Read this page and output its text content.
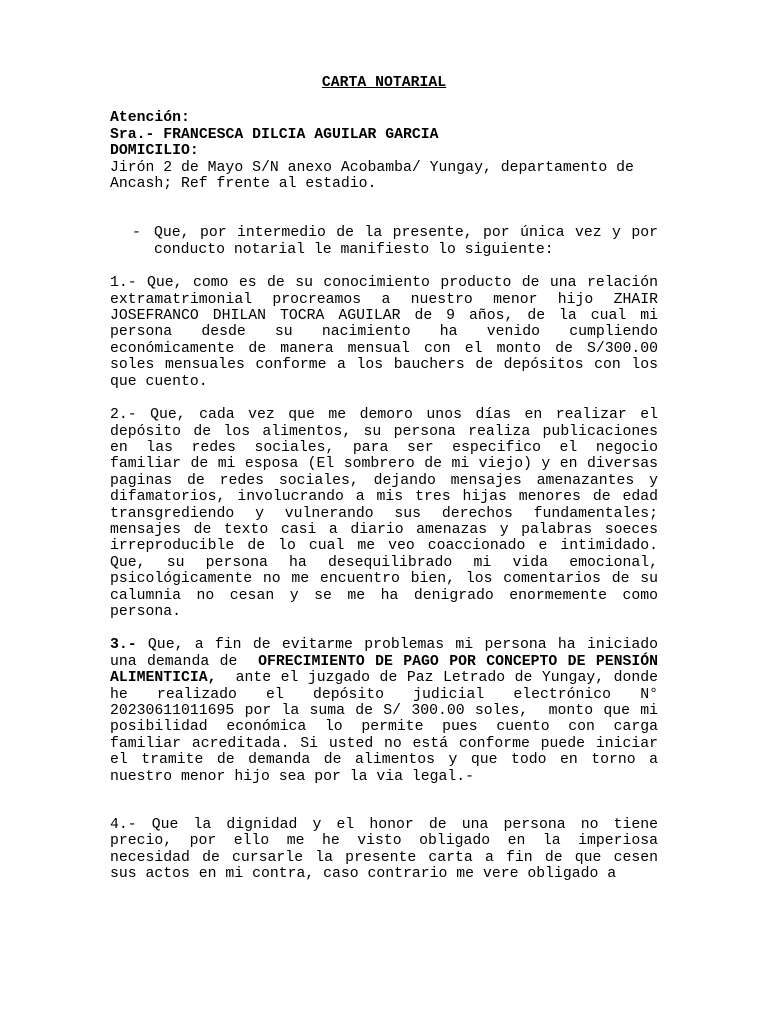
CARTA NOTARIAL

Atención:

Sra.- FRANCESCA DILCIA AGUILAR GARCIA

DOMICILIO:

Jirón 2 de Mayo S/N anexo Acobamba/ Yungay, departamento de Ancash; Ref frente al estadio.

- Que, por intermedio de la presente, por única vez y por conducto notarial le manifiesto lo siguiente:

1.- Que, como es de su conocimiento producto de una relación extramatrimonial procreamos a nuestro menor hijo ZHAIR JOSEFRANCO DHILAN TOCRA AGUILAR de 9 años, de la cual mi persona desde su nacimiento ha venido cumpliendo económicamente de manera mensual con el monto de S/300.00 soles mensuales conforme a los bauchers de depósitos con los que cuento.

2.- Que, cada vez que me demoro unos días en realizar el depósito de los alimentos, su persona realiza publicaciones en las redes sociales, para ser especifico el negocio familiar de mi esposa (El sombrero de mi viejo) y en diversas paginas de redes sociales, dejando mensajes amenazantes y difamatorios, involucrando a mis tres hijas menores de edad transgrediendo y vulnerando sus derechos fundamentales; mensajes de texto casi a diario amenazas y palabras soeces irreproducible de lo cual me veo coaccionado e intimidado. Que, su persona ha desequilibrado mi vida emocional, psicológicamente no me encuentro bien, los comentarios de su calumnia no cesan y se me ha denigrado enormemente como persona.

3.- Que, a fin de evitarme problemas mi persona ha iniciado una demanda de  OFRECIMIENTO DE PAGO POR CONCEPTO DE PENSIÓN ALIMENTICIA,  ante el juzgado de Paz Letrado de Yungay, donde he realizado el depósito judicial electrónico N° 20230611011695 por la suma de S/ 300.00 soles,  monto que mi posibilidad económica lo permite pues cuento con carga familiar acreditada. Si usted no está conforme puede iniciar el tramite de demanda de alimentos y que todo en torno a nuestro menor hijo sea por la via legal.-

4.- Que la dignidad y el honor de una persona no tiene precio, por ello me he visto obligado en la imperiosa necesidad de cursarle la presente carta a fin de que cesen sus actos en mi contra, caso contrario me vere obligado a
